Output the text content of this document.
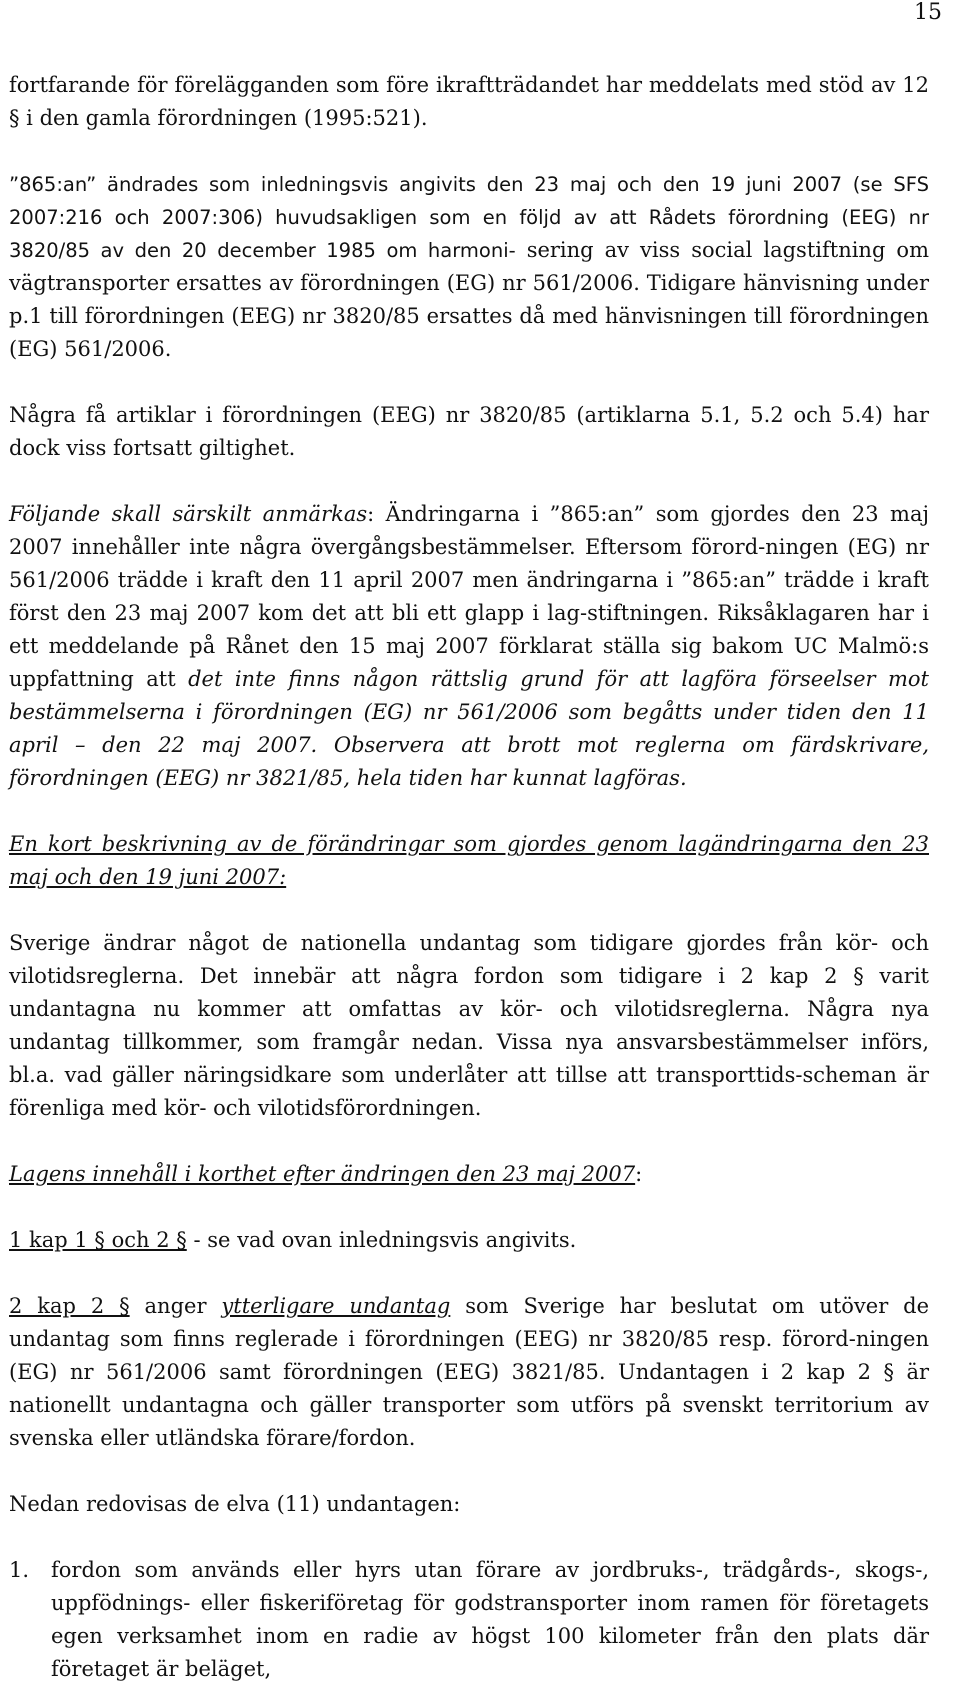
15

fortfarande för förelägganden som före ikraftträdandet har meddelats med stöd av 12 § i den gamla förordningen (1995:521).

”865:an” ändrades som inledningsvis angivits den 23 maj och den 19 juni 2007 (se SFS 2007:216 och 2007:306) huvudsakligen som en följd av att Rådets förordning (EEG) nr 3820/85 av den 20 december 1985 om harmoni- sering av viss social lagstiftning om vägtransporter ersattes av förordningen (EG) nr 561/2006. Tidigare hänvisning under p.1 till förordningen (EEG) nr 3820/85 ersattes då med hänvisningen till förordningen (EG) 561/2006.

Några få artiklar i förordningen (EEG) nr 3820/85 (artiklarna 5.1, 5.2 och 5.4) har dock viss fortsatt giltighet.

Följande skall särskilt anmärkas: Ändringarna i ”865:an” som gjordes den 23 maj 2007 innehåller inte några övergångsbestämmelser. Eftersom förord-ningen (EG) nr 561/2006 trädde i kraft den 11 april 2007 men ändringarna i ”865:an” trädde i kraft först den 23 maj 2007 kom det att bli ett glapp i lag-stiftningen. Riksåklagaren har i ett meddelande på Rånet den 15 maj 2007 förklarat ställa sig bakom UC Malmö:s uppfattning att det inte finns någon rättslig grund för att lagföra förseelser mot bestämmelserna i förordningen (EG) nr 561/2006 som begåtts under tiden den 11 april – den 22 maj 2007. Observera att brott mot reglerna om färdskrivare, förordningen (EEG) nr 3821/85, hela tiden har kunnat lagföras.

En kort beskrivning av de förändringar som gjordes genom lagändringarna den 23 maj och den 19 juni 2007:

Sverige ändrar något de nationella undantag som tidigare gjordes från kör- och vilotidsreglerna. Det innebär att några fordon som tidigare i 2 kap 2 § varit undantagna nu kommer att omfattas av kör- och vilotidsreglerna. Några nya undantag tillkommer, som framgår nedan. Vissa nya ansvarsbestämmelser införs, bl.a. vad gäller näringsidkare som underlåter att tillse att transporttids-scheman är förenliga med kör- och vilotidsförordningen.

Lagens innehåll i korthet efter ändringen den 23 maj 2007:

1 kap 1 § och 2 § - se vad ovan inledningsvis angivits.

2 kap 2 § anger ytterligare undantag som Sverige har beslutat om utöver de undantag som finns reglerade i förordningen (EEG) nr 3820/85 resp. förord-ningen (EG) nr 561/2006 samt förordningen (EEG) 3821/85. Undantagen i 2 kap 2 § är nationellt undantagna och gäller transporter som utförs på svenskt territorium av svenska eller utländska förare/fordon.

Nedan redovisas de elva (11) undantagen:

1.	fordon som används eller hyrs utan förare av jordbruks-, trädgårds-, skogs-, uppfödnings- eller fiskeriföretag för godstransporter inom ramen för företagets egen verksamhet inom en radie av högst 100 kilometer från den plats där företaget är beläget,
